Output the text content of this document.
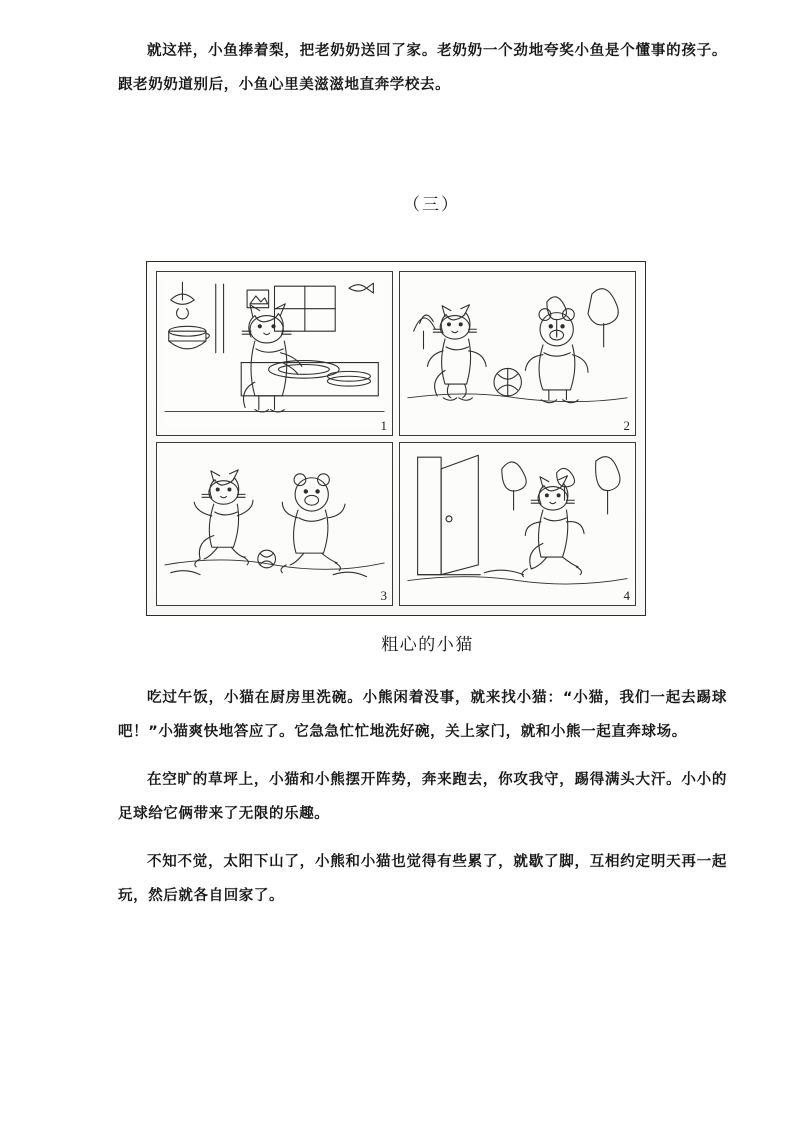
就这样，小鱼捧着梨，把老奶奶送回了家。老奶奶一个劲地夸奖小鱼是个懂事的孩子。跟老奶奶道别后，小鱼心里美滋滋地直奔学校去。

（三）

1	2
3	4

粗心的小猫

吃过午饭，小猫在厨房里洗碗。小熊闲着没事，就来找小猫：“小猫，我们一起去踢球吧！”小猫爽快地答应了。它急急忙忙地洗好碗，关上家门，就和小熊一起直奔球场。

在空旷的草坪上，小猫和小熊摆开阵势，奔来跑去，你攻我守，踢得满头大汗。小小的足球给它俩带来了无限的乐趣。

不知不觉，太阳下山了，小熊和小猫也觉得有些累了，就歇了脚，互相约定明天再一起玩，然后就各自回家了。
